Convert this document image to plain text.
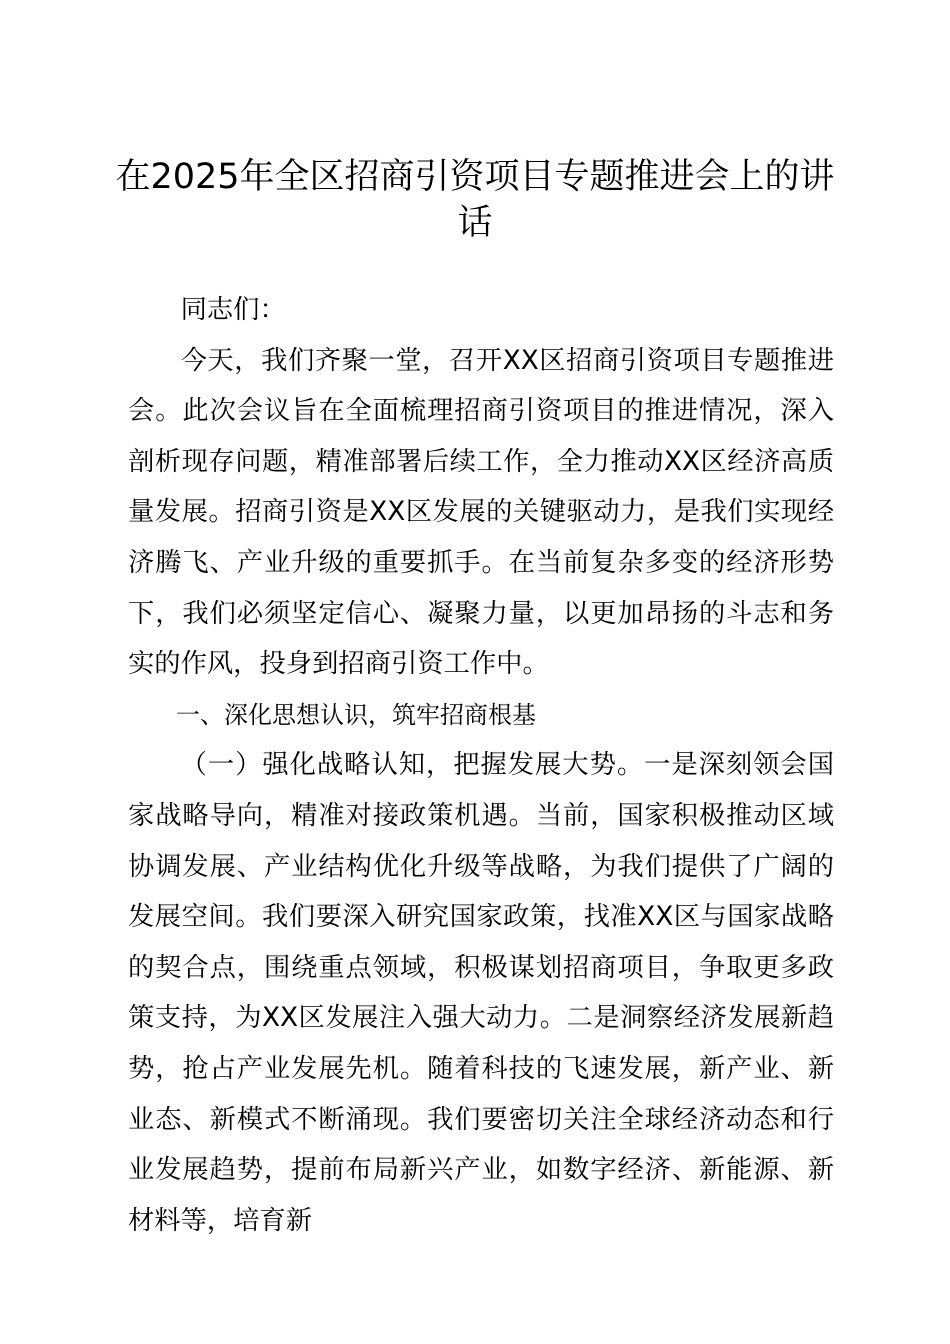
在2025年全区招商引资项目专题推进会上的讲话

同志们：

今天，我们齐聚一堂，召开XX区招商引资项目专题推进会。此次会议旨在全面梳理招商引资项目的推进情况，深入剖析现存问题，精准部署后续工作，全力推动XX区经济高质量发展。招商引资是XX区发展的关键驱动力，是我们实现经济腾飞、产业升级的重要抓手。在当前复杂多变的经济形势下，我们必须坚定信心、凝聚力量，以更加昂扬的斗志和务实的作风，投身到招商引资工作中。

一、深化思想认识，筑牢招商根基

（一）强化战略认知，把握发展大势。一是深刻领会国家战略导向，精准对接政策机遇。当前，国家积极推动区域协调发展、产业结构优化升级等战略，为我们提供了广阔的发展空间。我们要深入研究国家政策，找准XX区与国家战略的契合点，围绕重点领域，积极谋划招商项目，争取更多政策支持，为XX区发展注入强大动力。二是洞察经济发展新趋势，抢占产业发展先机。随着科技的飞速发展，新产业、新业态、新模式不断涌现。我们要密切关注全球经济动态和行业发展趋势，提前布局新兴产业，如数字经济、新能源、新材料等，培育新
